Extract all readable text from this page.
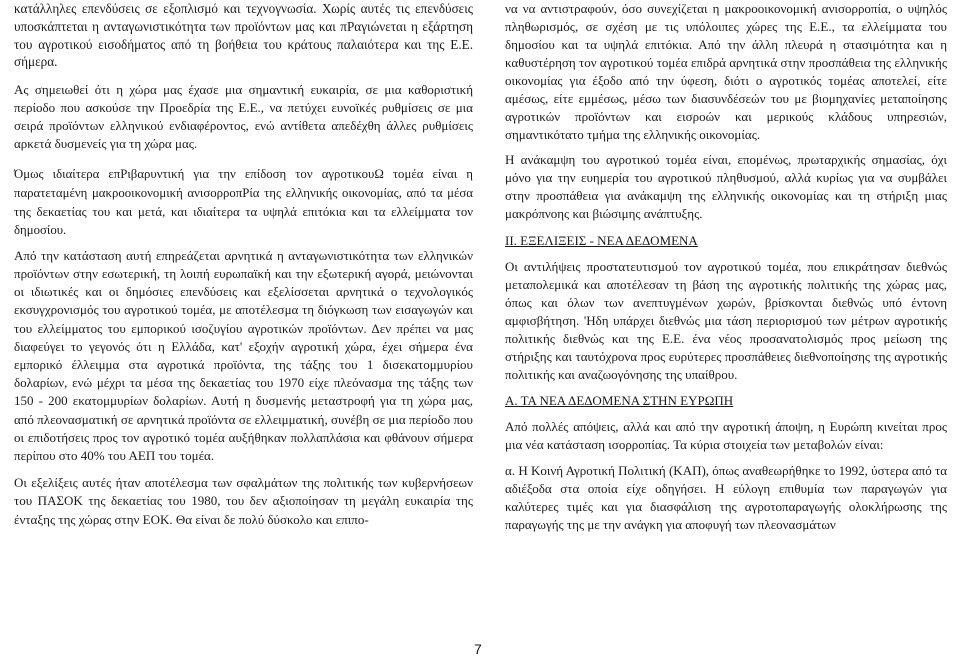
κατάλληλες επενδύσεις σε εξοπλισμό και τεχνογνωσία. Χωρίς αυτές τις επενδύσεις υποσκάπτεται η ανταγωνιστικότητα των προϊόντων μας και πΡαγιώνεται η εξάρτηση του αγροτικού εισοδήματος από τη βοήθεια του κράτους παλαιότερα και της Ε.Ε. σήμερα.

Ας σημειωθεί ότι η χώρα μας έχασε μια σημαντική ευκαιρία, σε μια καθοριστική περίοδο που ασκούσε την Προεδρία της Ε.Ε., να πετύχει ευνοϊκές ρυθμίσεις σε μια σειρά προϊόντων ελληνικού ενδιαφέροντος, ενώ αντίθετα απεδέχθη άλλες ρυθμίσεις αρκετά δυσμενείς για τη χώρα μας.

Όμως ιδιαίτερα επΡιβαρυντική για την επίδοση τον αγροτικουΩ τομέα είναι η παρατεταμένη μακροοικονομική ανισορροπΡία της ελληνικής οικονομίας, από τα μέσα της δεκαετίας του και μετά, και ιδιαίτερα τα υψηλά επιτόκια και τα ελλείμματα τον δημοσίου.

Από την κατάσταση αυτή επηρεάζεται αρνητικά η ανταγωνιστικότητα των ελληνικών προϊόντων στην εσωτερική, τη λοιπή ευρωπαϊκή και την εξωτερική αγορά, μειώνονται οι ιδιωτικές και οι δημόσιες επενδύσεις και εξελίσσεται αρνητικά ο τεχνολογικός εκσυγχρονισμός του αγροτικού τομέα, με αποτέλεσμα τη διόγκωση των εισαγωγών και του ελλείμματος του εμπορικού ισοζυγίου αγροτικών προϊόντων. Δεν πρέπει να μας διαφεύγει το γεγονός ότι η Ελλάδα, κατ' εξοχήν αγροτική χώρα, έχει σήμερα ένα εμπορικό έλλειμμα στα αγροτικά προϊόντα, της τάξης του 1 δισεκατομμυρίου δολαρίων, ενώ μέχρι τα μέσα της δεκαετίας του 1970 είχε πλεόνασμα της τάξης των 150 - 200 εκατομμυρίων δολαρίων. Αυτή η δυσμενής μεταστροφή για τη χώρα μας, από πλεονασματική σε αρνητικά προϊόντα σε ελλειμματική, συνέβη σε μια περίοδο που οι επιδοτήσεις προς τον αγροτικό τομέα αυξήθηκαν πολλαπλάσια και φθάνουν σήμερα περίπου στο 40% του ΑΕΠ του τομέα.

Οι εξελίξεις αυτές ήταν αποτέλεσμα των σφαλμάτων της πολιτικής των κυβερνήσεων του ΠΑΣΟΚ της δεκαετίας του 1980, του δεν αξιοποίησαν τη μεγάλη ευκαιρία της ένταξης της χώρας στην ΕΟΚ. Θα είναι δε πολύ δύσκολο και επιπο-

να να αντιστραφούν, όσο συνεχίζεται η μακροοικονομική ανισορροπία, ο υψηλός πληθωρισμός, σε σχέση με τις υπόλοιπες χώρες της Ε.Ε., τα ελλείμματα του δημοσίου και τα υψηλά επιτόκια. Από την άλλη πλευρά η στασιμότητα και η καθυστέρηση τον αγροτικού τομέα επιδρά αρνητικά στην προσπάθεια της ελληνικής οικονομίας για έξοδο από την ύφεση, διότι ο αγροτικός τομέας αποτελεί, είτε αμέσως, είτε εμμέσως, μέσω των διασυνδέσεών του με βιομηχανίες μεταποίησης αγροτικών προϊόντων και εισροών και μερικούς κλάδους υπηρεσιών, σημαντικότατο τμήμα της ελληνικής οικονομίας.

Η ανάκαμψη του αγροτικού τομέα είναι, επομένως, πρωταρχικής σημασίας, όχι μόνο για την ευημερία του αγροτικού πληθυσμού, αλλά κυρίως για να συμβάλει στην προσπάθεια για ανάκαμψη της ελληνικής οικονομίας και τη στήριξη μιας μακρόπνοης και βιώσιμης ανάπτυξης.

ΙΙ. ΕΞΕΛΙΞΕΙΣ - ΝΕΑ ΔΕΔΟΜΕΝΑ

Οι αντιλήψεις προστατευτισμού τον αγροτικού τομέα, που επικράτησαν διεθνώς μεταπολεμικά και αποτέλεσαν τη βάση της αγροτικής πολιτικής της χώρας μας, όπως και όλων των ανεπτυγμένων χωρών, βρίσκονται διεθνώς υπό έντονη αμφισβήτηση. 'Ηδη υπάρχει διεθνώς μια τάση περιορισμού των μέτρων αγροτικής πολιτικής διεθνώς και της Ε.Ε. ένα νέος προσανατολισμός προς μείωση της στήριξης και ταυτόχρονα προς ευρύτερες προσπάθειες διεθνοποίησης της αγροτικής πολιτικής και αναζωογόνησης της υπαίθρου.

Α. ΤΑ ΝΕΑ ΔΕΔΟΜΕΝΑ ΣΤΗΝ ΕΥΡΩΠΗ

Από πολλές απόψεις, αλλά και από την αγροτική άποψη, η Ευρώπη κινείται προς μια νέα κατάσταση ισορροπίας. Τα κύρια στοιχεία των μεταβολών είναι:

α. Η Κοινή Αγροτική Πολιτική (ΚΑΠ), όπως αναθεωρήθηκε το 1992, ύστερα από τα αδιέξοδα στα οποία είχε οδηγήσει. Η εύλογη επιθυμία των παραγωγών για καλύτερες τιμές και για διασφάλιση της αγροτοπαραγωγής ολοκλήρωσης της παραγωγής της με την ανάγκη για αποφυγή των πλεονασμάτων

7
